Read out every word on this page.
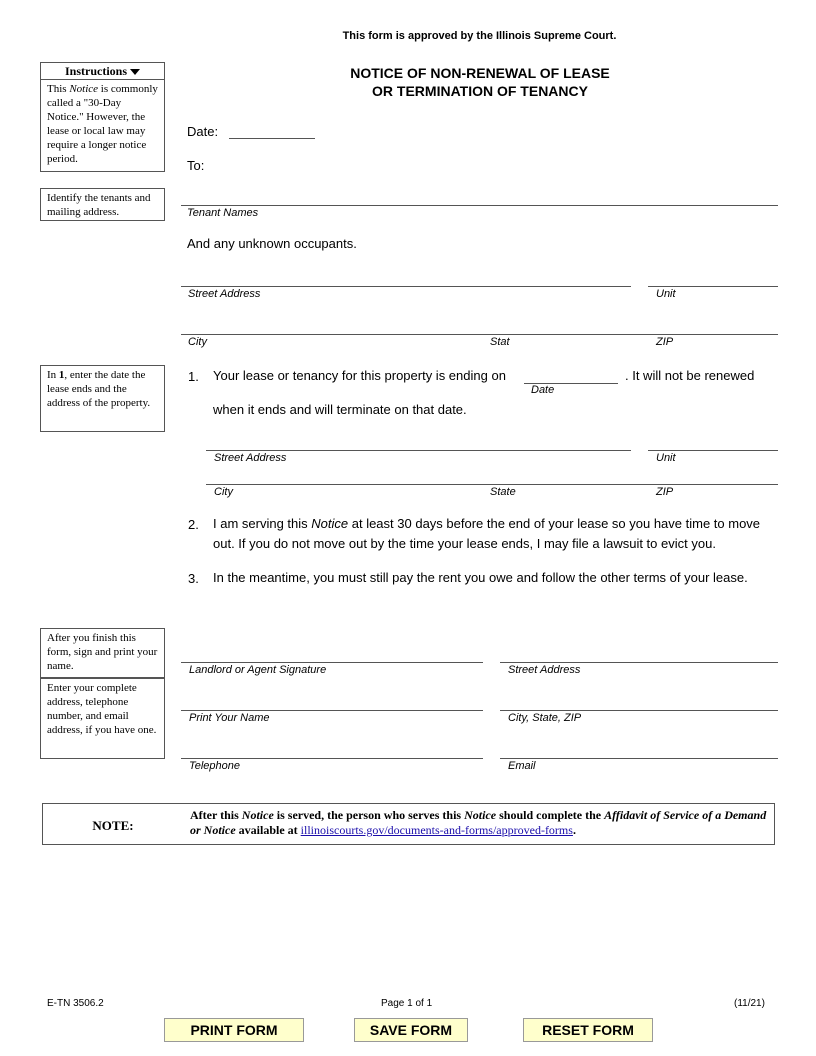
This form is approved by the Illinois Supreme Court.
NOTICE OF NON-RENEWAL OF LEASE
OR TERMINATION OF TENANCY
Instructions
This Notice is commonly called a "30-Day Notice." However, the lease or local law may require a longer notice period.
Identify the tenants and mailing address.
In 1, enter the date the lease ends and the address of the property.
After you finish this form, sign and print your name.
Enter your complete address, telephone number, and email address, if you have one.
Date:
To:
Tenant Names
And any unknown occupants.
Street Address	Unit
City	Stat	ZIP
1. Your lease or tenancy for this property is ending on
Date
. It will not be renewed
when it ends and will terminate on that date.
Street Address	Unit
City	State	ZIP
2. I am serving this Notice at least 30 days before the end of your lease so you have time to move out. If you do not move out by the time your lease ends, I may file a lawsuit to evict you.
3. In the meantime, you must still pay the rent you owe and follow the other terms of your lease.
Landlord or Agent Signature	Street Address
Print Your Name	City, State, ZIP
Telephone	Email
NOTE:
After this Notice is served, the person who serves this Notice should complete the Affidavit of Service of a Demand or Notice available at illinoiscourts.gov/documents-and-forms/approved-forms.
E-TN 3506.2	Page 1 of 1	(11/21)
PRINT FORM	SAVE FORM	RESET FORM
